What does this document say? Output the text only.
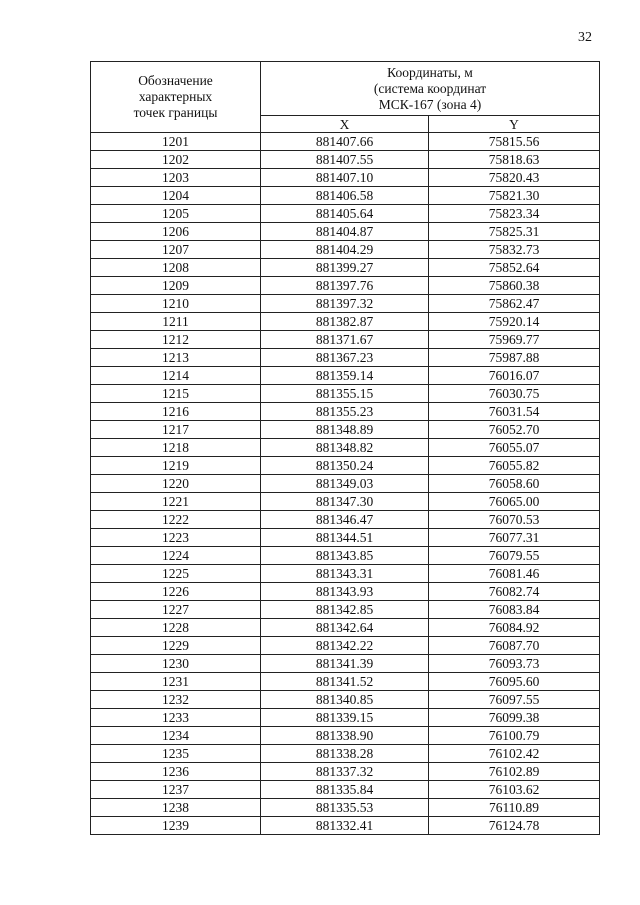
32
Обозначение
характерных
точек границы	Координаты, м
(система координат
МСК-167 (зона 4)	

	X	Y
1201	881407.66	75815.56
1202	881407.55	75818.63
1203	881407.10	75820.43
1204	881406.58	75821.30
1205	881405.64	75823.34
1206	881404.87	75825.31
1207	881404.29	75832.73
1208	881399.27	75852.64
1209	881397.76	75860.38
1210	881397.32	75862.47
1211	881382.87	75920.14
1212	881371.67	75969.77
1213	881367.23	75987.88
1214	881359.14	76016.07
1215	881355.15	76030.75
1216	881355.23	76031.54
1217	881348.89	76052.70
1218	881348.82	76055.07
1219	881350.24	76055.82
1220	881349.03	76058.60
1221	881347.30	76065.00
1222	881346.47	76070.53
1223	881344.51	76077.31
1224	881343.85	76079.55
1225	881343.31	76081.46
1226	881343.93	76082.74
1227	881342.85	76083.84
1228	881342.64	76084.92
1229	881342.22	76087.70
1230	881341.39	76093.73
1231	881341.52	76095.60
1232	881340.85	76097.55
1233	881339.15	76099.38
1234	881338.90	76100.79
1235	881338.28	76102.42
1236	881337.32	76102.89
1237	881335.84	76103.62
1238	881335.53	76110.89
1239	881332.41	76124.78
